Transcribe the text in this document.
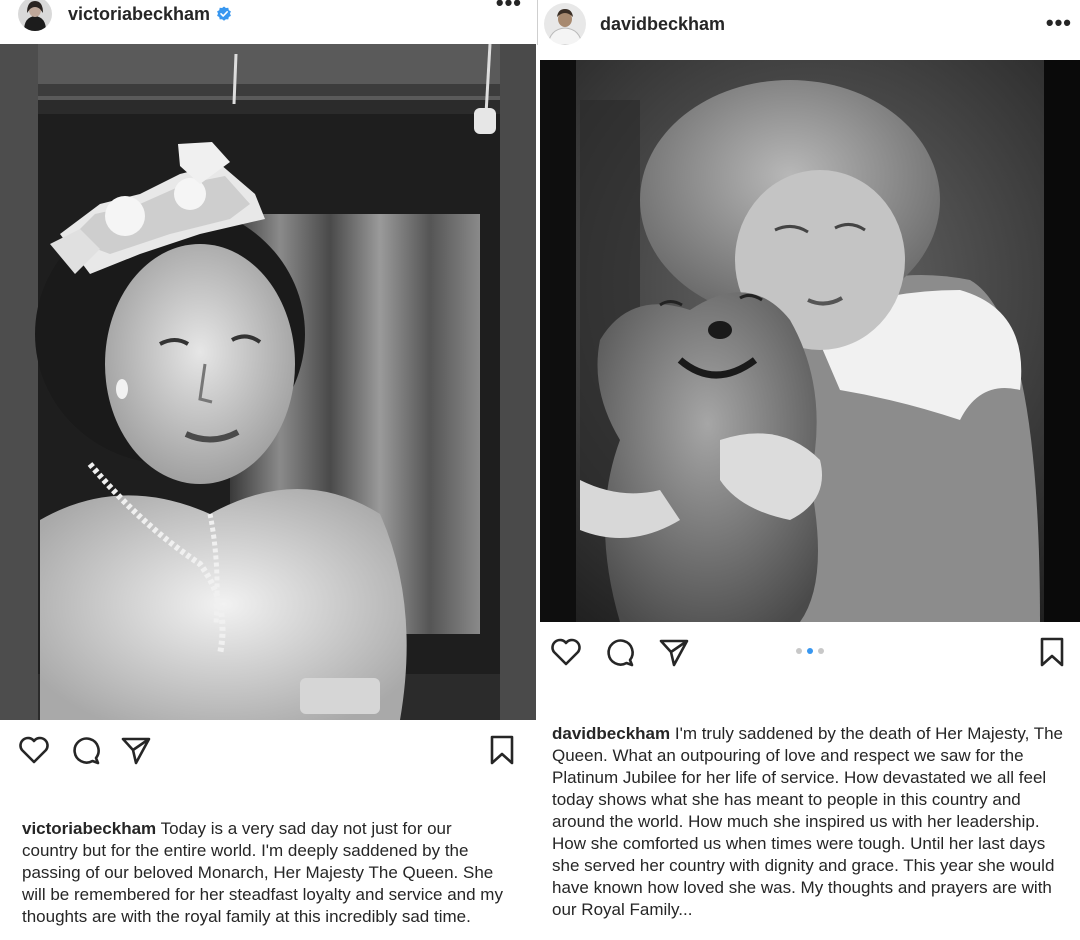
victoriabeckham	•••
victoriabeckham Today is a very sad day not just for our country but for the entire world. I'm deeply saddened by the passing of our beloved Monarch, Her Majesty The Queen. She will be remembered for her steadfast loyalty and service and my thoughts are with the royal family at this incredibly sad time.
davidbeckham	•••
davidbeckham I'm truly saddened by the death of Her Majesty, The Queen. What an outpouring of love and respect we saw for the Platinum Jubilee for her life of service. How devastated we all feel today shows what she has meant to people in this country and around the world. How much she inspired us with her leadership. How she comforted us when times were tough. Until her last days she served her country with dignity and grace. This year she would have known how loved she was. My thoughts and prayers are with our Royal Family...
